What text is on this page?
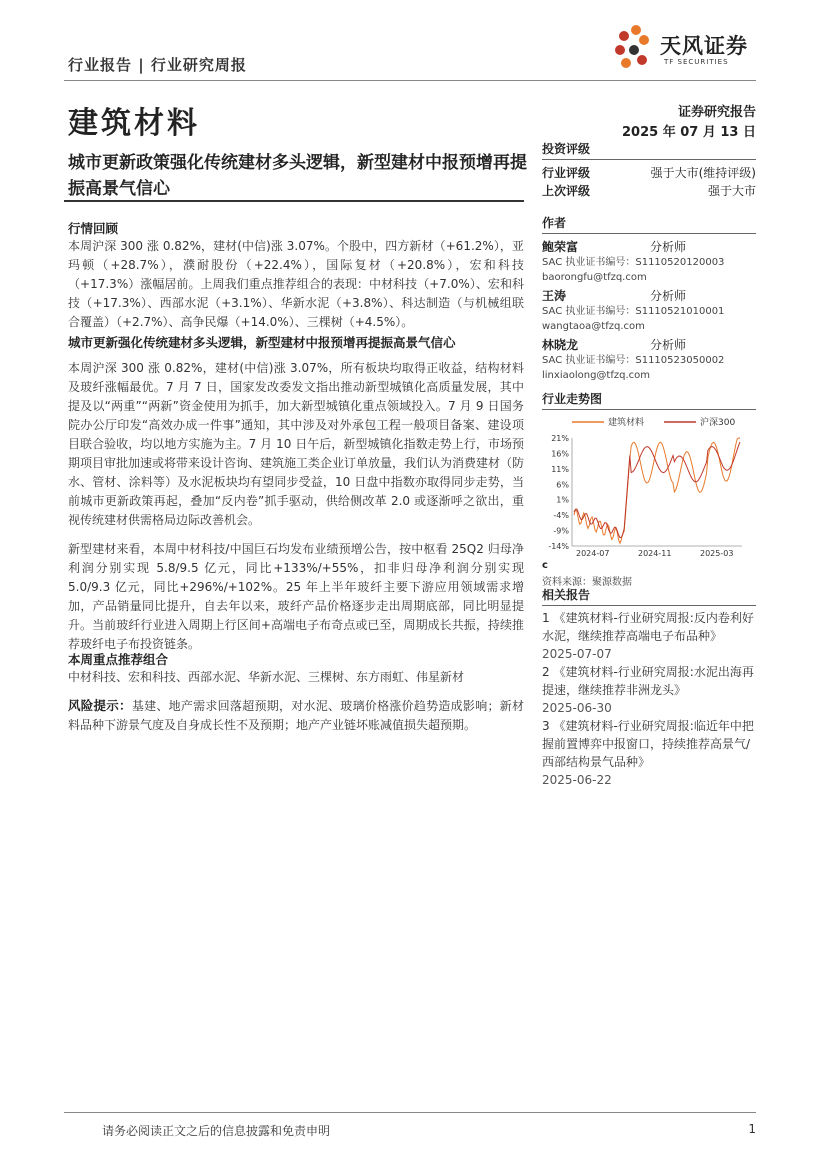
行业报告 | 行业研究周报
天风证券
TF SECURITIES
建筑材料	证券研究报告
2025 年 07 月 13 日
城市更新政策强化传统建材多头逻辑，新型建材中报预增再提振高景气信心
行情回顾
本周沪深 300 涨 0.82%，建材(中信)涨 3.07%。个股中，四方新材（+61.2%），亚玛顿（+28.7%），濮耐股份（+22.4%），国际复材（+20.8%），宏和科技（+17.3%）涨幅居前。上周我们重点推荐组合的表现：中材科技（+7.0%）、宏和科技（+17.3%）、西部水泥（+3.1%）、华新水泥（+3.8%）、科达制造（与机械组联合覆盖）（+2.7%）、高争民爆（+14.0%）、三棵树（+4.5%）。
城市更新强化传统建材多头逻辑，新型建材中报预增再提振高景气信心
本周沪深 300 涨 0.82%，建材(中信)涨 3.07%，所有板块均取得正收益，结构材料及玻纤涨幅最优。7 月 7 日，国家发改委发文指出推动新型城镇化高质量发展，其中提及以“两重”“两新”资金使用为抓手，加大新型城镇化重点领域投入。7 月 9 日国务院办公厅印发“高效办成一件事”通知，其中涉及对外承包工程一般项目备案、建设项目联合验收，均以地方实施为主。7 月 10 日午后，新型城镇化指数走势上行，市场预期项目审批加速或将带来设计咨询、建筑施工类企业订单放量，我们认为消费建材（防水、管材、涂料等）及水泥板块均有望同步受益，10 日盘中指数亦取得同步走势，当前城市更新政策再起，叠加“反内卷”抓手驱动，供给侧改革 2.0 或逐渐呼之欲出，重视传统建材供需格局边际改善机会。
新型建材来看，本周中材科技/中国巨石均发布业绩预增公告，按中枢看 25Q2 归母净利润分别实现 5.8/9.5 亿元，同比+133%/+55%，扣非归母净利润分别实现 5.0/9.3 亿元，同比+296%/+102%。25 年上半年玻纤主要下游应用领域需求增加，产品销量同比提升，自去年以来，玻纤产品价格逐步走出周期底部，同比明显提升。当前玻纤行业进入周期上行区间+高端电子布奇点或已至，周期成长共振，持续推荐玻纤电子布投资链条。
本周重点推荐组合
中材科技、宏和科技、西部水泥、华新水泥、三棵树、东方雨虹、伟星新材
风险提示：基建、地产需求回落超预期，对水泥、玻璃价格涨价趋势造成影响；新材料品种下游景气度及自身成长性不及预期；地产产业链坏账减值损失超预期。
投资评级
行业评级	强于大市(维持评级)
上次评级	强于大市
作者
鲍荣富	分析师
SAC 执业证书编号：S1110520120003
baorongfu@tfzq.com
王涛	分析师
SAC 执业证书编号：S1110521010001
wangtaoa@tfzq.com
林晓龙	分析师
SAC 执业证书编号：S1110523050002
linxiaolong@tfzq.com
行业走势图
建筑材料	沪深300
21%
16%
11%
6%
1%
-4%
-9%
-14%
2024-07	2024-11	2025-03
c
资料来源：聚源数据
相关报告
1 《建筑材料-行业研究周报:反内卷利好水泥，继续推荐高端电子布品种》
2025-07-07
2 《建筑材料-行业研究周报:水泥出海再提速，继续推荐非洲龙头》
2025-06-30
3 《建筑材料-行业研究周报:临近年中把握前置博弈中报窗口，持续推荐高景气/西部结构景气品种》
2025-06-22
请务必阅读正文之后的信息披露和免责申明	1
